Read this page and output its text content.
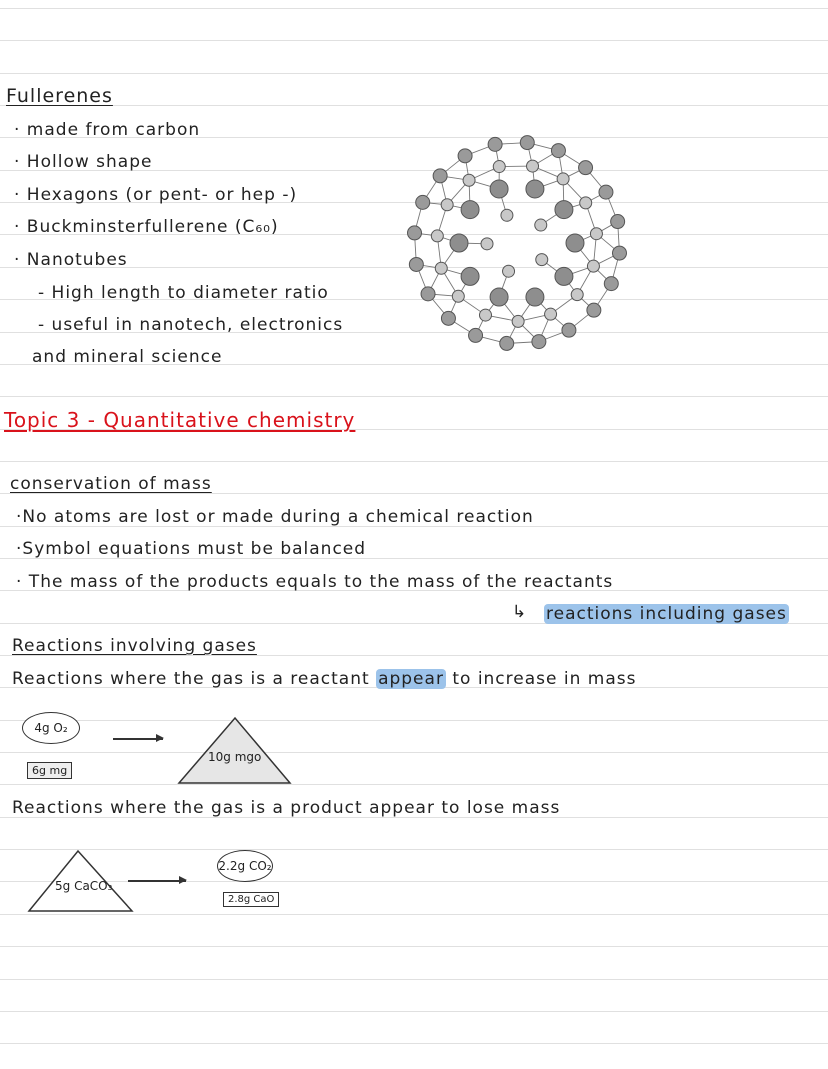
Fullerenes
· made from carbon
· Hollow shape
· Hexagons (or pent- or hep -)
· Buckminsterfullerene (C₆₀)
· Nanotubes
- High length to diameter ratio
- useful in nanotech, electronics
and mineral science
Topic 3 - Quantitative chemistry
conservation of mass
·No atoms are lost or made during a chemical reaction
·Symbol equations must be balanced
· The mass of the products equals to the mass of the reactants
↳ reactions including gases
Reactions involving gases
Reactions where the gas is a reactant appear to increase in mass
4g O₂
6g mg
10g mgo
Reactions where the gas is a product appear to lose mass
5g CaCO₃
2.2g CO₂
2.8g CaO
